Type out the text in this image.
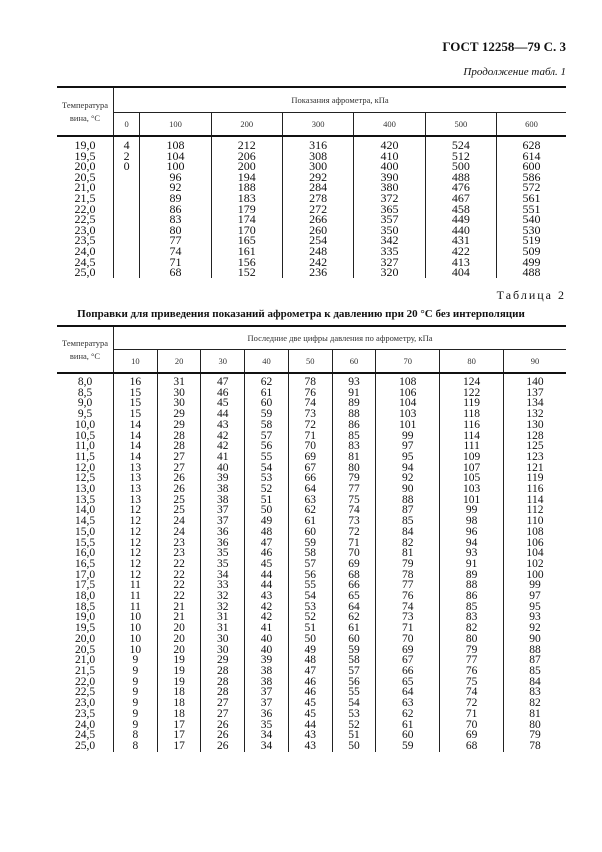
ГОСТ 12258—79 С. 3
Продолжение табл. 1
Температура вина, °С	Показания афрометра, кПа						
	0	100	200	300	400	500	600
19,0	4	108	212	316	420	524	628
19,5	2	104	206	308	410	512	614
20,0	0	100	200	300	400	500	600
20,5		96	194	292	390	488	586
21,0		92	188	284	380	476	572
21,5		89	183	278	372	467	561
22,0		86	179	272	365	458	551
22,5		83	174	266	357	449	540
23,0		80	170	260	350	440	530
23,5		77	165	254	342	431	519
24,0		74	161	248	335	422	509
24,5		71	156	242	327	413	499
25,0		68	152	236	320	404	488
Таблица 2
Поправки для приведения показаний афрометра к давлению при 20 °С без интерполяции
Температура вина, °С	Последние две цифры давления по афрометру, кПа								
	10	20	30	40	50	60	70	80	90
8,0	16	31	47	62	78	93	108	124	140
8,5	15	30	46	61	76	91	106	122	137
9,0	15	30	45	60	74	89	104	119	134
9,5	15	29	44	59	73	88	103	118	132
10,0	14	29	43	58	72	86	101	116	130
10,5	14	28	42	57	71	85	99	114	128
11,0	14	28	42	56	70	83	97	111	125
11,5	14	27	41	55	69	81	95	109	123
12,0	13	27	40	54	67	80	94	107	121
12,5	13	26	39	53	66	79	92	105	119
13,0	13	26	38	52	64	77	90	103	116
13,5	13	25	38	51	63	75	88	101	114
14,0	12	25	37	50	62	74	87	99	112
14,5	12	24	37	49	61	73	85	98	110
15,0	12	24	36	48	60	72	84	96	108
15,5	12	23	36	47	59	71	82	94	106
16,0	12	23	35	46	58	70	81	93	104
16,5	12	22	35	45	57	69	79	91	102
17,0	12	22	34	44	56	68	78	89	100
17,5	11	22	33	44	55	66	77	88	99
18,0	11	22	32	43	54	65	76	86	97
18,5	11	21	32	42	53	64	74	85	95
19,0	10	21	31	42	52	62	73	83	93
19,5	10	20	31	41	51	61	71	82	92
20,0	10	20	30	40	50	60	70	80	90
20,5	10	20	30	40	49	59	69	79	88
21,0	9	19	29	39	48	58	67	77	87
21,5	9	19	28	38	47	57	66	76	85
22,0	9	19	28	38	46	56	65	75	84
22,5	9	18	28	37	46	55	64	74	83
23,0	9	18	27	37	45	54	63	72	82
23,5	9	18	27	36	45	53	62	71	81
24,0	9	17	26	35	44	52	61	70	80
24,5	8	17	26	34	43	51	60	69	79
25,0	8	17	26	34	43	50	59	68	78
